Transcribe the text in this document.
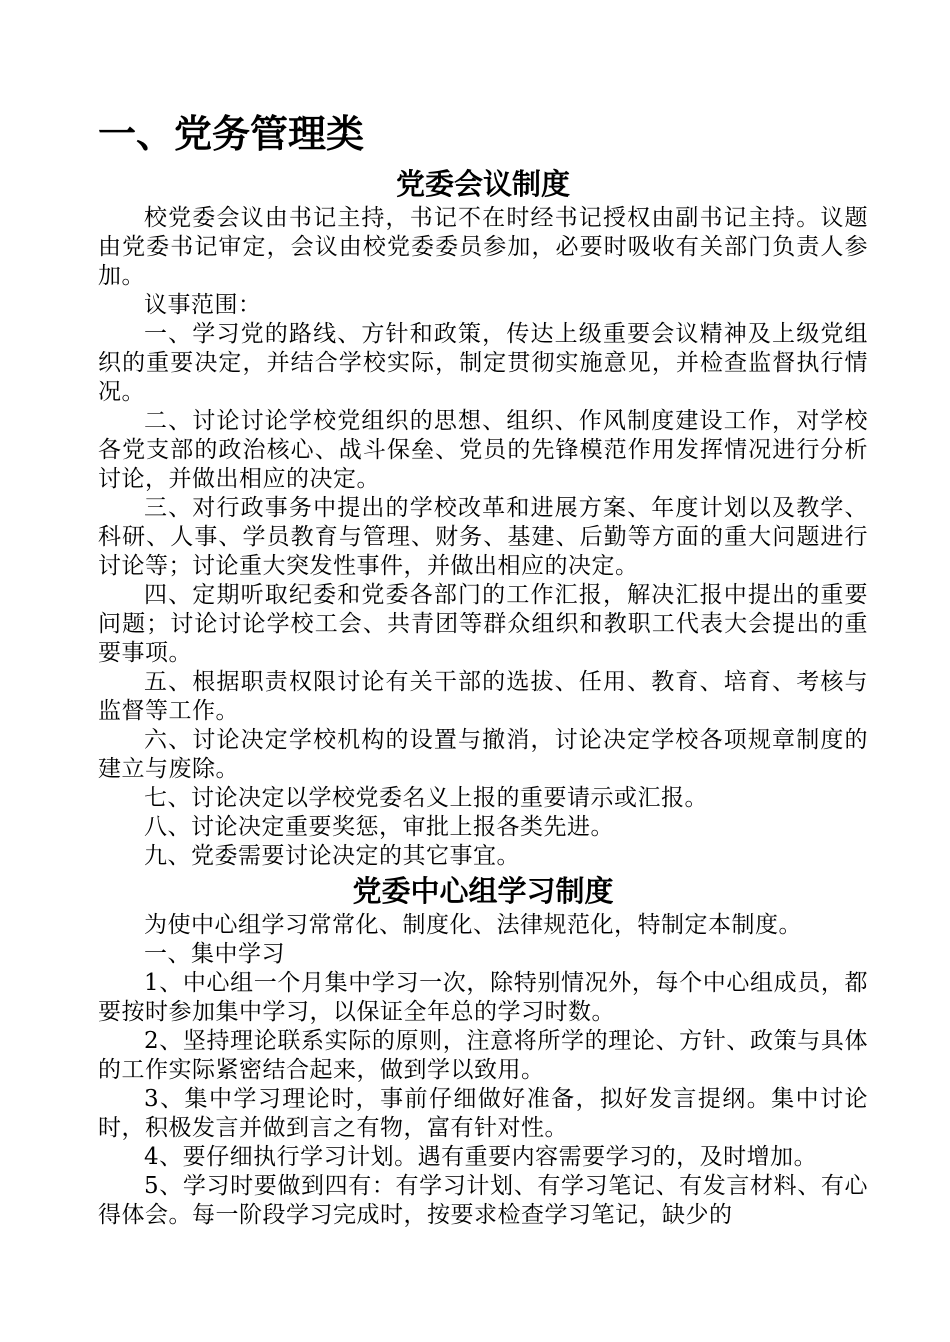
一、党务管理类
党委会议制度

校党委会议由书记主持，书记不在时经书记授权由副书记主持。议题由党委书记审定，会议由校党委委员参加，必要时吸收有关部门负责人参加。

议事范围：

一、学习党的路线、方针和政策，传达上级重要会议精神及上级党组织的重要决定，并结合学校实际，制定贯彻实施意见，并检查监督执行情况。

二、讨论讨论学校党组织的思想、组织、作风制度建设工作，对学校各党支部的政治核心、战斗保垒、党员的先锋模范作用发挥情况进行分析讨论，并做出相应的决定。

三、对行政事务中提出的学校改革和进展方案、年度计划以及教学、科研、人事、学员教育与管理、财务、基建、后勤等方面的重大问题进行讨论等；讨论重大突发性事件，并做出相应的决定。

四、定期听取纪委和党委各部门的工作汇报，解决汇报中提出的重要问题；讨论讨论学校工会、共青团等群众组织和教职工代表大会提出的重要事项。

五、根据职责权限讨论有关干部的选拔、任用、教育、培育、考核与监督等工作。

六、讨论决定学校机构的设置与撤消，讨论决定学校各项规章制度的建立与废除。

七、讨论决定以学校党委名义上报的重要请示或汇报。

八、讨论决定重要奖惩，审批上报各类先进。

九、党委需要讨论决定的其它事宜。

党委中心组学习制度

为使中心组学习常常化、制度化、法律规范化，特制定本制度。

一、集中学习

1、中心组一个月集中学习一次，除特别情况外，每个中心组成员，都要按时参加集中学习，以保证全年总的学习时数。

2、坚持理论联系实际的原则，注意将所学的理论、方针、政策与具体的工作实际紧密结合起来，做到学以致用。

3、集中学习理论时，事前仔细做好准备，拟好发言提纲。集中讨论时，积极发言并做到言之有物，富有针对性。

4、要仔细执行学习计划。遇有重要内容需要学习的，及时增加。

5、学习时要做到四有：有学习计划、有学习笔记、有发言材料、有心得体会。每一阶段学习完成时，按要求检查学习笔记，缺少的
